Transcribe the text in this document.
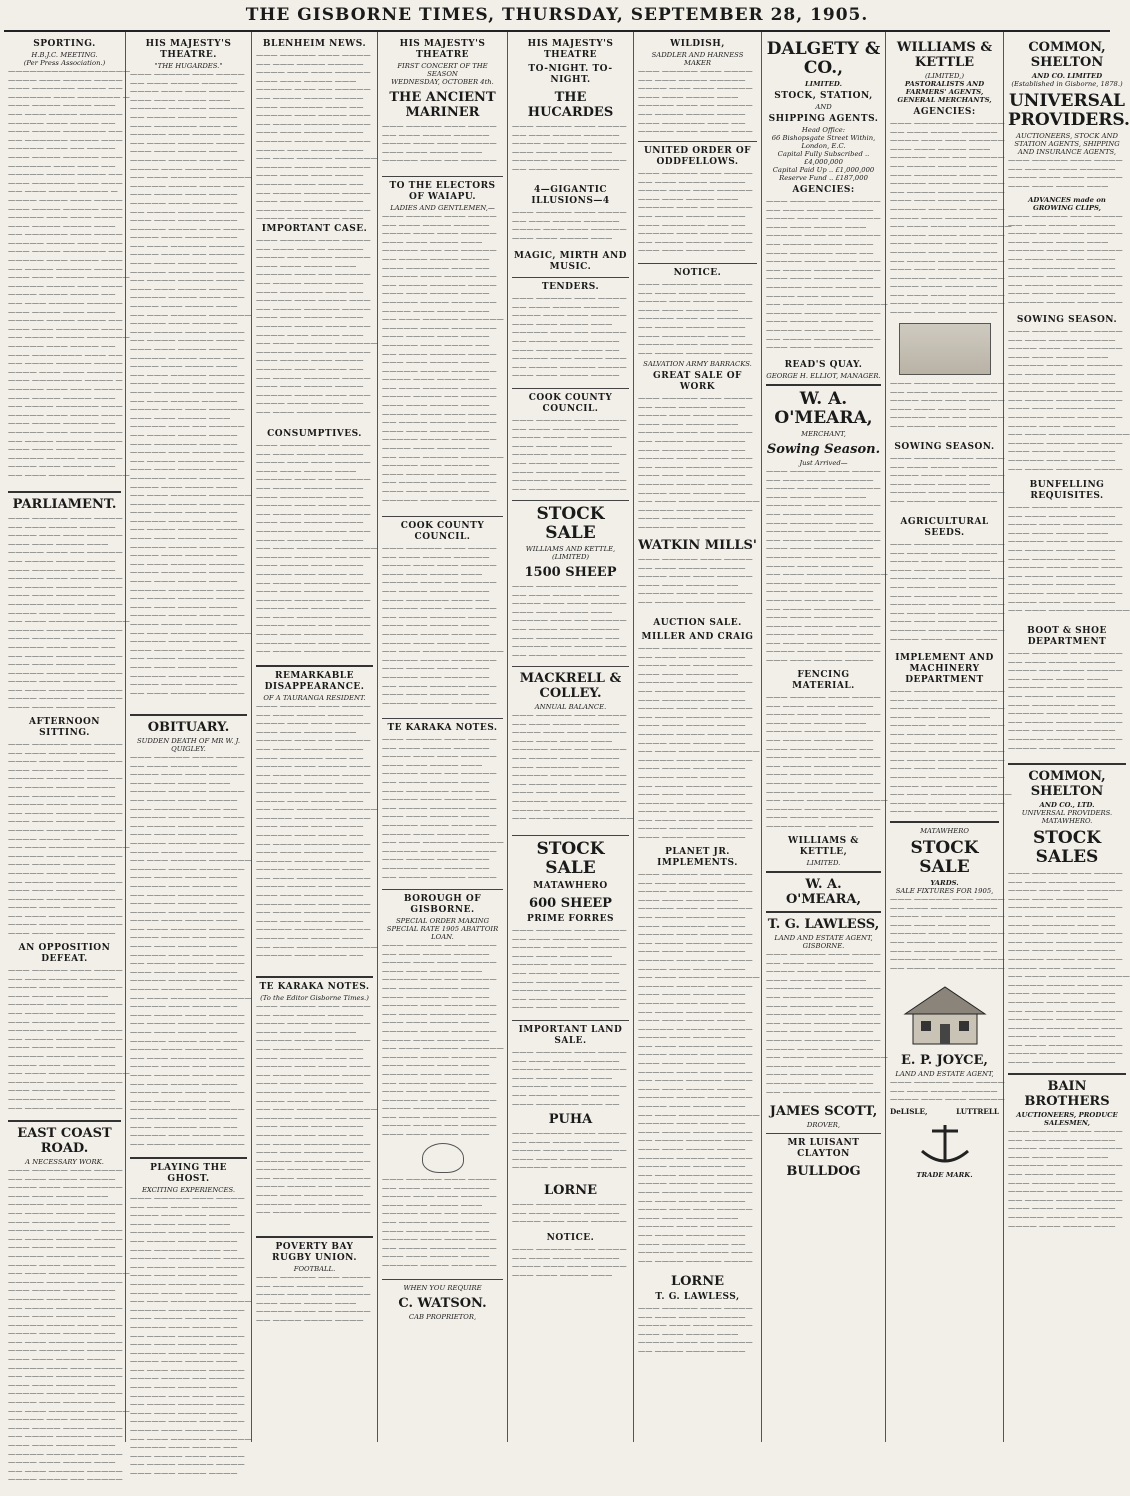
THE GISBORNE TIMES, THURSDAY, SEPTEMBER 28, 1905.
SPORTING.
H.B.J.C. MEETING.
(Per Press Association.)
—————————————————
———— ——— ———— ————
——— —————— ———— ——
—————— ——— —————— —
——— ———— ———— ———
—— ——— ———— ——————
————— ——— ———— ——
——— ———— —————— ——
—— —————— ———— ———
————— ——— —— ————
——— ———— ————— ———
—————— ——— ——— ——
————— ———— ———— ——
——— —————— ——— ———
—— ——— ———— ———— —
———— ———— ——— ————
——— ———— ————— ———
————— ——— ——— ————
——— ———— ———— ———
—— —————— ——— ————
————— ———— ——— ———
——— ———— —————— ——
————— ——— ———— ———
—— ———— ————— ————
——— ——— ———— ——————
————— ———— ——— ———
———— ———— ———— ——
—— ——— ————— —————
——— ———— ——— ————
————— ———— ———— ——
——— ——— —————— ———
—— ———— ———— ——————
————— ——— ———— ——
——— ——————— ——— ——
—— ———— ————— ————
———— ——— ——— —————
——— ——————— ———— —
————— ——— ——— ————
——— ———— ———— ———
—— ———— —————— ———
————— ——— ———— ———
——— ———— ————— ——
————— ——— ——— ————
—— ———— ————— ————
——— ——— ———— ————
————— ———— ——— ———
———— ——— ———— ———
—— ——— ————— ——————
PARLIAMENT.
——— ————— ——— ————
—— ——— ———— —————
———— ——— ——— —————
——— ——— ———— ———
————— ——— —— —————
—— ———— ———— ————
——— —————— ——— ——
————— ——— ———— ———
—— ———— ————— ————
——— ——— ———— ————
————— ———— ——— ———
———— ——— ———— ———
—— ——— ————— ——————
————— ———— ——— ———
——— ———— ——— ————
————— ——— ———— ——
—— ———— ————— ————
——— ——— ———— ————
————— ———— ——— ———
———— ——— ———— ———
—— ——— ————— —————
———— ———— —— —————
——— ——— ———— ————
AFTERNOON SITTING.
——— ————— ——— ————
—— ——— ———— —————
———— ——— ——— —————
——— ——— ———— ———
————— ——— —— —————
—— ———— ———— ————
——— —————— ——— ——
————— ——— ———— ———
—— ———— ————— ————
——— ——— ———— ————
————— ———— ——— ———
———— ——— ———— ———
—— ——— ————— ——————
————— ———— ——— ———
——— ———— ——— ————
————— ——— ———— ——
—— ———— ————— ————
——— ——— ———— ————
————— ———— ——— ———
———— ——— ———— ———
—— ——— ————— —————
———— ———— —— —————
——— ——— ———— ————
AN OPPOSITION DEFEAT.
——— ————— ——— ————
—— ——— ———— —————
———— ——— ——— —————
——— ——— ———— ———
————— ——— —— —————
—— ———— ———— ————
——— —————— ——— ——
————— ——— ———— ———
—— ———— ————— ————
——— ——— ———— ————
————— ———— ——— ———
———— ——— ———— ———
—— ——— ————— ——————
————— ———— ——— ———
——— ———— ——— ————
————— ——— ———— ——
—— ———— ————— ————
EAST COAST ROAD.
A NECESSARY WORK.
——— ————— ——— ————
—— ——— ———— —————
———— ——— ——— —————
——— ——— ———— ———
————— ——— —— —————
—— ———— ———— ————
——— —————— ——— ——
————— ——— ———— ———
—— ———— ————— ————
——— ——— ———— ————
————— ———— ——— ———
———— ——— ———— ———
—— ——— ————— ——————
————— ———— ——— ———
——— ———— ——— ————
————— ——— ———— ——
—— ———— ————— ————
——— ——— ———— ————
————— ———— ——— ———
———— ——— ———— ———
—— ——— ————— —————
———— ———— —— —————
——— ——— ———— ————
————— ——— ——— ————
—— ———— ————— ————
——— ——— ———— ————
————— ———— ——— ———
———— ——— ———— ———
—— ——— ————— ——————
————— ——— ———— ——
——— ———— ——— —————
—— ———— ————— ————
——— ——— ———— ————
————— ———— ——— ———
———— ——— ———— ———
—— ——— ————— —————
———— ———— —— —————
HIS MAJESTY'S THEATRE.
"THE HUGARDES."
——— ————— ——— ————
—— ——— ———— —————
———— ——— ——— —————
——— ——— ———— ———
————— ——— —— —————
—— ———— ———— ————
——— —————— ——— ——
————— ——— ———— ———
—— ———— ————— ————
——— ——— ———— ————
————— ———— ——— ———
———— ——— ———— ———
—— ——— ————— ——————
————— ———— ——— ———
——— ———— ——— ————
————— ——— ———— ——
—— ———— ————— ————
——— ——— ———— ————
————— ———— ——— ———
———— ——— ———— ———
—— ——— ————— —————
———— ———— —— —————
——— ——— ———— ————
————— ——— ——— ————
—— ———— ————— ————
——— ——— ———— ————
————— ———— ——— ———
———— ——— ———— ———
—— ——— ————— ——————
————— ——— ———— ——
——— ———— ——— —————
—— ———— ————— ————
——— ——— ———— ————
————— ———— ——— ———
———— ——— ———— ———
—— ——— ————— —————
———— ———— —— —————
——— ————— ——— ————
—— ——— ———— —————
———— ——— ——— —————
——— ——— ———— ———
————— ——— —— —————
—— ———— ———— ————
——— —————— ——— ——
————— ——— ———— ———
—— ———— ————— ————
——— ——— ———— ————
————— ———— ——— ———
———— ——— ———— ———
—— ——— ————— ——————
————— ———— ——— ———
——— ———— ——— ————
————— ——— ———— ——
—— ———— ————— ————
——— ——— ———— ————
————— ———— ——— ———
———— ——— ———— ———
—— ——— ————— —————
———— ———— —— —————
——— ——— ———— ————
————— ——— ——— ————
—— ———— ————— ————
——— ——— ———— ————
————— ———— ——— ———
———— ——— ———— ———
—— ——— ————— ——————
————— ——— ———— ——
——— ———— ——— —————
—— ———— ————— ————
——— ——— ———— ————
————— ———— ——— ———
———— ——— ———— ———
—— ——— ————— —————
OBITUARY.
SUDDEN DEATH OF MR W. J. QUIGLEY.
——— ————— ——— ————
—— ——— ———— —————
———— ——— ——— —————
——— ——— ———— ———
————— ——— —— —————
—— ———— ———— ————
——— —————— ——— ——
————— ——— ———— ———
—— ———— ————— ————
——— ——— ———— ————
————— ———— ——— ———
———— ——— ———— ———
—— ——— ————— ——————
————— ———— ——— ———
——— ———— ——— ————
————— ——— ———— ——
—— ———— ————— ————
——— ——— ———— ————
————— ———— ——— ———
———— ——— ———— ———
—— ——— ————— —————
———— ———— —— —————
——— ——— ———— ————
————— ——— ——— ————
—— ———— ————— ————
——— ——— ———— ————
————— ———— ——— ———
———— ——— ———— ———
—— ——— ————— ——————
————— ——— ———— ——
——— ———— ——— —————
—— ———— ————— ————
——— ——— ———— ————
————— ———— ——— ———
———— ——— ———— ———
—— ——— ————— —————
———— ———— —— —————
——— ————— ——— ————
—— ——— ———— —————
———— ——— ——— —————
——— ——— ———— ———
————— ——— —— —————
—— ———— ———— ————
——— —————— ——— ——
————— ——— ———— ———
—— ———— ————— ————
PLAYING THE GHOST.
EXCITING EXPERIENCES.
——— ————— ——— ————
—— ——— ———— —————
———— ——— ——— —————
——— ——— ———— ———
————— ——— —— —————
—— ———— ———— ————
——— —————— ——— ——
————— ——— ———— ———
—— ———— ————— ————
——— ——— ———— ————
————— ———— ——— ———
———— ——— ———— ———
—— ——— ————— ——————
————— ———— ——— ———
——— ———— ——— ————
————— ——— ———— ——
—— ———— ————— ————
——— ——— ———— ————
————— ———— ——— ———
———— ——— ———— ———
—— ——— ————— —————
———— ———— —— —————
——— ——— ———— ————
————— ——— ——— ————
—— ———— ————— ————
——— ——— ———— ————
————— ———— ——— ———
———— ——— ———— ———
—— ——— ————— ——————
————— ——— ———— ——
——— ———— ——— —————
—— ———— ————— ————
——— ——— ———— ————
BLENHEIM NEWS.
——— ————— ——— ————
—— ——— ———— —————
———— ——— ——— —————
——— ——— ———— ———
————— ——— —— —————
—— ———— ———— ————
——— —————— ——— ——
————— ——— ———— ———
—— ———— ————— ————
——— ——— ———— ————
————— ———— ——— ———
———— ——— ———— ———
—— ——— ————— ——————
————— ———— ——— ———
——— ———— ——— ————
————— ——— ———— ——
—— ———— ————— ————
——— ——— ———— ————
————— ———— ——— ———
———— ——— ———— ———
IMPORTANT CASE.
——— ————— ——— ————
—— ——— ———— —————
———— ——— ——— —————
——— ——— ———— ———
————— ——— —— —————
—— ———— ———— ————
——— —————— ——— ——
————— ——— ———— ———
—— ———— ————— ————
——— ——— ———— ————
————— ———— ——— ———
———— ——— ———— ———
—— ——— ————— ——————
————— ———— ——— ———
——— ———— ——— ————
————— ——— ———— ——
—— ———— ————— ————
——— ——— ———— ————
————— ———— ——— ———
———— ——— ———— ———
—— ——— ————— —————
CONSUMPTIVES.
——— ————— ——— ————
—— ——— ———— —————
———— ——— ——— —————
——— ——— ———— ———
————— ——— —— —————
—— ———— ———— ————
——— —————— ——— ——
————— ——— ———— ———
—— ———— ————— ————
——— ——— ———— ————
————— ———— ——— ———
———— ——— ———— ———
—— ——— ————— ——————
————— ———— ——— ———
——— ———— ——— ————
————— ——— ———— ——
—— ———— ————— ————
——— ——— ———— ————
————— ———— ——— ———
———— ——— ———— ———
—— ——— ————— —————
———— ———— —— —————
——— ——— ———— ————
————— ——— ——— ————
—— ———— ————— ————
REMARKABLE DISAPPEARANCE.
OF A TAURANGA RESIDENT.
——— ————— ——— ————
—— ——— ———— —————
———— ——— ——— —————
——— ——— ———— ———
————— ——— —— —————
—— ———— ———— ————
——— —————— ——— ——
————— ——— ———— ———
—— ———— ————— ————
——— ——— ———— ————
————— ———— ——— ———
———— ——— ———— ———
—— ——— ————— ——————
————— ———— ——— ———
——— ———— ——— ————
————— ——— ———— ——
—— ———— ————— ————
——— ——— ———— ————
————— ———— ——— ———
———— ——— ———— ———
—— ——— ————— —————
———— ———— —— —————
——— ——— ———— ————
————— ——— ——— ————
—— ———— ————— ————
——— ——— ———— ————
————— ———— ——— ———
———— ——— ———— ———
—— ——— ————— ——————
————— ——— ———— ——
TE KARAKA NOTES.
(To the Editor Gisborne Times.)
——— ————— ——— ————
—— ——— ———— —————
———— ——— ——— —————
——— ——— ———— ———
————— ——— —— —————
—— ———— ———— ————
——— —————— ——— ——
————— ——— ———— ———
—— ———— ————— ————
——— ——— ———— ————
————— ———— ——— ———
———— ——— ———— ———
—— ——— ————— ——————
————— ———— ——— ———
——— ———— ——— ————
————— ——— ———— ——
—— ———— ————— ————
——— ——— ———— ————
————— ———— ——— ———
———— ——— ———— ———
—— ——— ————— —————
———— ———— —— —————
——— ——— ———— ————
————— ——— ——— ————
—— ———— ————— ————
POVERTY BAY RUGBY UNION.
FOOTBALL.
——— ————— ——— ————
—— ——— ———— —————
———— ——— ——— —————
——— ——— ———— ———
————— ——— —— —————
—— ———— ———— ————
HIS MAJESTY'S THEATRE
FIRST CONCERT OF THE SEASON
WEDNESDAY, OCTOBER 4th.
THE ANCIENT MARINER
——— ————— ——— ————
—— ——— ———— —————
———— ——— ——— —————
——— ——— ———— ———
————— ——— —— —————
TO THE ELECTORS OF WAIAPU.
LADIES AND GENTLEMEN,—
——— ————— ——— ————
—— ——— ———— —————
———— ——— ——— —————
——— ——— ———— ———
————— ——— —— —————
—— ———— ———— ————
——— —————— ——— ——
————— ——— ———— ———
—— ———— ————— ————
——— ——— ———— ————
————— ———— ——— ———
———— ——— ———— ———
—— ——— ————— ——————
————— ———— ——— ———
——— ———— ——— ————
————— ——— ———— ——
—— ———— ————— ————
——— ——— ———— ————
————— ———— ——— ———
———— ——— ———— ———
—— ——— ————— —————
———— ———— —— —————
——— ——— ———— ————
————— ——— ——— ————
—— ———— ————— ————
——— ——— ———— ————
————— ———— ——— ———
———— ——— ———— ———
—— ——— ————— ——————
————— ——— ———— ——
——— ———— ——— —————
—— ———— ————— ————
——— ——— ———— ————
————— ———— ——— ———
COOK COUNTY COUNCIL.
——— ————— ——— ————
—— ——— ———— —————
———— ——— ——— —————
——— ——— ———— ———
————— ——— —— —————
—— ———— ———— ————
——— —————— ——— ——
————— ——— ———— ———
—— ———— ————— ————
——— ——— ———— ————
————— ———— ——— ———
———— ——— ———— ———
—— ——— ————— ——————
————— ———— ——— ———
——— ———— ——— ————
————— ——— ———— ——
—— ———— ————— ————
——— ——— ———— ————
————— ———— ——— ———
TE KARAKA NOTES.
——— ————— ——— ————
—— ——— ———— —————
———— ——— ——— —————
——— ——— ———— ———
————— ——— —— —————
—— ———— ———— ————
——— —————— ——— ——
————— ——— ———— ———
—— ———— ————— ————
——— ——— ———— ————
————— ———— ——— ———
———— ——— ———— ———
—— ——— ————— ——————
————— ———— ——— ———
——— ———— ——— ————
————— ——— ———— ——
—— ———— ————— ————
BOROUGH OF GISBORNE.
SPECIAL ORDER MAKING SPECIAL RATE 1905 ABATTOIR LOAN.
——— ————— ——— ————
—— ——— ———— —————
———— ——— ——— —————
——— ——— ———— ———
————— ——— —— —————
—— ———— ———— ————
——— —————— ——— ——
————— ——— ———— ———
—— ———— ————— ————
——— ——— ———— ————
————— ———— ——— ———
———— ——— ———— ———
—— ——— ————— ——————
————— ———— ——— ———
——— ———— ——— ————
————— ——— ———— ——
—— ———— ————— ————
——— ——— ———— ————
————— ———— ——— ———
———— ——— ———— ———
—— ——— ————— —————
———— ———— —— —————
——— ——— ———— ————
——— ————— ——— ————
—— ——— ———— —————
———— ——— ——— —————
——— ——— ———— ———
————— ——— —— —————
—— ———— ———— ————
——— —————— ——— ——
————— ——— ———— ———
—— ———— ————— ————
——— ——— ———— ————
————— ———— ——— ———
WHEN YOU REQUIRE
C. WATSON.
CAB PROPRIETOR,
HIS MAJESTY'S THEATRE
TO-NIGHT. TO-NIGHT.
THE HUCARDES
——— ————— ——— ————
—— ——— ———— —————
———— ——— ——— —————
——— ——— ———— ———
————— ——— —— —————
—— ———— ———— ————
4—GIGANTIC ILLUSIONS—4
——— ————— ——— ————
—— ——— ———— —————
———— ——— ——— —————
——— ——— ———— ———
MAGIC, MIRTH AND MUSIC.
TENDERS.
——— ————— ——— ————
—— ——— ———— —————
———— ——— ——— —————
——— ——— ———— ———
————— ——— —— —————
—— ———— ———— ————
——— —————— ——— ——
————— ——— ———— ———
—— ———— ————— ————
——— ——— ———— ————
COOK COUNTY COUNCIL.
——— ————— ——— ————
—— ——— ———— —————
———— ——— ——— —————
——— ——— ———— ———
————— ——— —— —————
—— ———— ———— ————
——— —————— ——— ——
————— ——— ———— ———
—— ———— ————— ————
STOCK SALE
WILLIAMS AND KETTLE, (LIMITED)
1500 SHEEP
——— ————— ——— ————
—— ——— ———— —————
———— ——— ——— —————
——— ——— ———— ———
————— ——— —— —————
—— ———— ———— ————
——— —————— ——— ——
————— ——— ———— ———
—— ———— ————— ————
MACKRELL & COLLEY.
ANNUAL BALANCE.
——— ————— ——— ————
—— ——— ———— —————
———— ——— ——— —————
——— ——— ———— ———
————— ——— —— —————
—— ———— ———— ————
——— —————— ——— ——
————— ——— ———— ———
—— ———— ————— ————
——— ——— ———— ————
————— ———— ——— ———
———— ——— ———— ———
—— ——— ————— ——————
STOCK SALE
MATAWHERO
600 SHEEP
PRIME FORRES
——— ————— ——— ————
—— ——— ———— —————
———— ——— ——— —————
——— ——— ———— ———
————— ——— —— —————
—— ———— ———— ————
——— —————— ——— ——
————— ——— ———— ———
—— ———— ————— ————
——— ——— ———— ————
IMPORTANT LAND SALE.
——— ————— ——— ————
—— ——— ———— —————
———— ——— ——— —————
——— ——— ———— ———
————— ——— —— —————
—— ———— ———— ————
——— —————— ——— ——
PUHA
——— ————— ——— ————
—— ——— ———— —————
———— ——— ——— —————
——— ——— ———— ———
————— ——— —— —————
LORNE
——— ————— ——— ————
—— ——— ———— —————
———— ——— ——— —————
NOTICE.
——— ————— ——— ————
—— ——— ———— —————
———— ——— ——— —————
——— ——— ———— ———
WILDISH,
SADDLER AND HARNESS MAKER
——— ————— ——— ————
—— ——— ———— —————
———— ——— ——— —————
——— ——— ———— ———
————— ——— —— —————
—— ———— ———— ————
——— —————— ——— ——
————— ——— ———— ———
UNITED ORDER OF ODDFELLOWS.
——— ————— ——— ————
—— ——— ———— —————
———— ——— ——— —————
——— ——— ———— ———
————— ——— —— —————
—— ———— ———— ————
——— —————— ——— ——
————— ——— ———— ———
—— ———— ————— ————
——— ——— ———— ————
NOTICE.
——— ————— ——— ————
—— ——— ———— —————
———— ——— ——— —————
——— ——— ———— ———
————— ——— —— —————
—— ———— ———— ————
——— —————— ——— ——
————— ——— ———— ———
—— ———— ————— ————
SALVATION ARMY BARRACKS.
GREAT SALE OF WORK
——— ————— ——— ————
—— ——— ———— —————
———— ——— ——— —————
——— ——— ———— ———
————— ——— —— —————
—— ———— ———— ————
——— —————— ——— ——
————— ——— ———— ———
—— ———— ————— ————
——— ——— ———— ————
————— ———— ——— ———
———— ——— ———— ———
—— ——— ————— ——————
————— ———— ——— ———
——— ———— ——— ————
————— ——— ———— ——
WATKIN MILLS'
——— ————— ——— ————
—— ——— ———— —————
———— ——— ——— —————
——— ——— ———— ———
————— ——— —— —————
—— ———— ———— ————
AUCTION SALE.
MILLER AND CRAIG
——— ————— ——— ————
—— ——— ———— —————
———— ——— ——— —————
——— ——— ———— ———
————— ——— —— —————
—— ———— ———— ————
——— —————— ——— ——
————— ——— ———— ———
—— ———— ————— ————
——— ——— ———— ————
————— ———— ——— ———
———— ——— ———— ———
—— ——— ————— ——————
————— ———— ——— ———
——— ———— ——— ————
————— ——— ———— ——
—— ———— ————— ————
——— ——— ———— ————
————— ———— ——— ———
———— ——— ———— ———
—— ——— ————— —————
———— ———— —— —————
——— ——— ———— ————
PLANET JR. IMPLEMENTS.
——— ————— ——— ————
—— ——— ———— —————
———— ——— ——— —————
——— ——— ———— ———
————— ——— —— —————
—— ———— ———— ————
——— —————— ——— ——
————— ——— ———— ———
—— ———— ————— ————
——— ——— ———— ————
————— ———— ——— ———
———— ——— ———— ———
—— ——— ————— ——————
————— ———— ——— ———
——— ———— ——— ————
————— ——— ———— ——
—— ———— ————— ————
——— ——— ———— ————
————— ———— ——— ———
———— ——— ———— ———
—— ——— ————— —————
———— ———— —— —————
——— ——— ———— ————
————— ——— ——— ————
—— ———— ————— ————
——— ——— ———— ————
————— ———— ——— ———
———— ——— ———— ———
—— ——— ————— ——————
————— ——— ———— ——
——— ———— ——— —————
—— ———— ————— ————
——— ——— ———— ————
————— ———— ——— ———
———— ——— ———— ———
—— ——— ————— —————
———— ———— —— —————
——— ————— ——— ————
—— ——— ———— —————
———— ——— ——— —————
——— ——— ———— ———
————— ——— —— —————
—— ———— ———— ————
——— —————— ——— ——
————— ——— ———— ———
—— ———— ————— ————
LORNE
T. G. LAWLESS,
——— ————— ——— ————
—— ——— ———— —————
———— ——— ——— —————
——— ——— ———— ———
————— ——— —— —————
—— ———— ———— ————
DALGETY & CO.,
LIMITED.
STOCK, STATION,
AND
SHIPPING AGENTS.
Head Office:
66 Bishopsgate Street Within, London, E.C.
Capital Fully Subscribed .. £4,000,000
Capital Paid Up .. £1,000,000
Reserve Fund .. £187,000
AGENCIES:
——— ————— ——— ————
—— ——— ———— —————
———— ——— ——— —————
——— ——— ———— ———
————— ——— —— —————
—— ———— ———— ————
——— —————— ——— ——
————— ——— ———— ———
—— ———— ————— ————
——— ——— ———— ————
————— ———— ——— ———
———— ——— ———— ———
—— ——— ————— ——————
————— ———— ——— ———
——— ———— ——— ————
————— ——— ———— ——
—— ———— ————— ————
——— ——— ———— ————
READ'S QUAY.
GEORGE H. ELLIOT, MANAGER.
W. A. O'MEARA,
MERCHANT,
Sowing Season.
Just Arrived—
——— ————— ——— ————
—— ——— ———— —————
———— ——— ——— —————
——— ——— ———— ———
————— ——— —— —————
—— ———— ———— ————
——— —————— ——— ——
————— ——— ———— ———
—— ———— ————— ————
——— ——— ———— ————
————— ———— ——— ———
———— ——— ———— ———
—— ——— ————— ——————
————— ———— ——— ———
——— ———— ——— ————
————— ——— ———— ——
—— ———— ————— ————
——— ——— ———— ————
————— ———— ——— ———
———— ——— ———— ———
—— ——— ————— —————
———— ———— —— —————
——— ——— ———— ————
FENCING MATERIAL.
——— ————— ——— ————
—— ——— ———— —————
———— ——— ——— —————
——— ——— ———— ———
————— ——— —— —————
—— ———— ———— ————
——— —————— ——— ——
————— ——— ———— ———
—— ———— ————— ————
——— ——— ———— ————
————— ———— ——— ———
———— ——— ———— ———
—— ——— ————— ——————
————— ———— ——— ———
——— ———— ——— ————
————— ——— ———— ——
WILLIAMS & KETTLE,
LIMITED.
W. A. O'MEARA,
T. G. LAWLESS,
LAND AND ESTATE AGENT,
GISBORNE.
——— ————— ——— ————
—— ——— ———— —————
———— ——— ——— —————
——— ——— ———— ———
————— ——— —— —————
—— ———— ———— ————
——— —————— ——— ——
————— ——— ———— ———
—— ———— ————— ————
——— ——— ———— ————
————— ———— ——— ———
———— ——— ———— ———
—— ——— ————— ——————
————— ———— ——— ———
——— ———— ——— ————
————— ——— ———— ——
—— ———— ————— ————
JAMES SCOTT,
DROVER,
MR LUISANT CLAYTON
BULLDOG
WILLIAMS & KETTLE
(LIMITED,)
PASTORALISTS AND FARMERS' AGENTS,
GENERAL MERCHANTS,
AGENCIES:
——— ————— ——— ————
—— ——— ———— —————
———— ——— ——— —————
——— ——— ———— ———
————— ——— —— —————
—— ———— ———— ————
——— —————— ——— ——
————— ——— ———— ———
—— ———— ————— ————
——— ——— ———— ————
————— ———— ——— ———
———— ——— ———— ———
—— ——— ————— ——————
————— ———— ——— ———
——— ———— ——— ————
————— ——— ———— ——
—— ———— ————— ————
——— ——— ———— ————
————— ———— ——— ———
———— ——— ———— ———
—— ——— ————— —————
———— ———— —— —————
——— ——— ———— ————
——— ————— ——— ————
—— ——— ———— —————
———— ——— ——— —————
——— ——— ———— ———
————— ——— —— —————
—— ———— ———— ————
SOWING SEASON.
——— ————— ——— ————
—— ——— ———— —————
———— ——— ——— —————
——— ——— ———— ———
————— ——— —— —————
—— ———— ———— ————
AGRICULTURAL SEEDS.
——— ————— ——— ————
—— ——— ———— —————
———— ——— ——— —————
——— ——— ———— ———
————— ——— —— —————
—— ———— ———— ————
——— —————— ——— ——
————— ——— ———— ———
—— ———— ————— ————
——— ——— ———— ————
————— ———— ——— ———
———— ——— ———— ———
IMPLEMENT AND MACHINERY DEPARTMENT
——— ————— ——— ————
—— ——— ———— —————
———— ——— ——— —————
——— ——— ———— ———
————— ——— —— —————
—— ———— ———— ————
——— —————— ——— ——
————— ——— ———— ———
—— ———— ————— ————
——— ——— ———— ————
————— ———— ——— ———
———— ——— ———— ———
—— ——— ————— ——————
————— ———— ——— ———
——— ———— ——— ————
MATAWHERO
STOCK SALE
YARDS.
SALE FIXTURES FOR 1905,
——— ————— ——— ————
—— ——— ———— —————
———— ——— ——— —————
——— ——— ———— ———
————— ——— —— —————
—— ———— ———— ————
——— —————— ——— ——
————— ——— ———— ———
—— ———— ————— ————
E. P. JOYCE,
LAND AND ESTATE AGENT,
——— ————— ——— ————
—— ——— ———— —————
———— ——— ——— —————
DeLISLE,	LUTTRELL
TRADE MARK.
COMMON, SHELTON
AND CO. LIMITED
(Established in Gisborne, 1878.)
UNIVERSAL PROVIDERS.
AUCTIONEERS, STOCK AND STATION AGENTS, SHIPPING AND INSURANCE AGENTS,
——— ————— ——— ————
—— ——— ———— —————
———— ——— ——— —————
——— ——— ———— ———
ADVANCES made on GROWING CLIPS,
——— ————— ——— ————
—— ——— ———— —————
———— ——— ——— —————
——— ——— ———— ———
————— ——— —— —————
—— ———— ———— ————
——— —————— ——— ——
————— ——— ———— ———
—— ———— ————— ————
——— ——— ———— ————
————— ———— ——— ———
SOWING SEASON.
——— ————— ——— ————
—— ——— ———— —————
———— ——— ——— —————
——— ——— ———— ———
————— ——— —— —————
—— ———— ———— ————
——— —————— ——— ——
————— ——— ———— ———
—— ———— ————— ————
——— ——— ———— ————
————— ———— ——— ———
———— ——— ———— ———
—— ——— ————— ——————
————— ———— ——— ———
——— ———— ——— ————
————— ——— ———— ——
—— ———— ————— ————
BUNFELLING REQUISITES.
——— ————— ——— ————
—— ——— ———— —————
———— ——— ——— —————
——— ——— ———— ———
————— ——— —— —————
—— ———— ———— ————
——— —————— ——— ——
————— ——— ———— ———
—— ———— ————— ————
——— ——— ———— ————
————— ———— ——— ———
———— ——— ———— ———
—— ——— ————— ——————
BOOT & SHOE DEPARTMENT
——— ————— ——— ————
—— ——— ———— —————
———— ——— ——— —————
——— ——— ———— ———
————— ——— —— —————
—— ———— ———— ————
——— —————— ——— ——
————— ——— ———— ———
—— ———— ————— ————
——— ——— ———— ————
————— ———— ——— ———
———— ——— ———— ———
COMMON, SHELTON
AND CO., LTD.
UNIVERSAL PROVIDERS.
MATAWHERO.
STOCK SALES
——— ————— ——— ————
—— ——— ———— —————
———— ——— ——— —————
——— ——— ———— ———
————— ——— —— —————
—— ———— ———— ————
——— —————— ——— ——
————— ——— ———— ———
—— ———— ————— ————
——— ——— ———— ————
————— ———— ——— ———
———— ——— ———— ———
—— ——— ————— ——————
————— ———— ——— ———
——— ———— ——— ————
————— ——— ———— ——
—— ———— ————— ————
——— ——— ———— ————
————— ———— ——— ———
———— ——— ———— ———
—— ——— ————— —————
———— ———— —— —————
——— ——— ———— ————
BAIN BROTHERS
AUCTIONEERS, PRODUCE
SALESMEN,
——— ————— ——— ————
—— ——— ———— —————
———— ——— ——— —————
——— ——— ———— ———
————— ——— —— —————
—— ———— ———— ————
——— —————— ——— ——
————— ——— ———— ———
—— ———— ————— ————
——— ——— ———— ————
————— ———— ——— ———
———— ——— ———— ———
